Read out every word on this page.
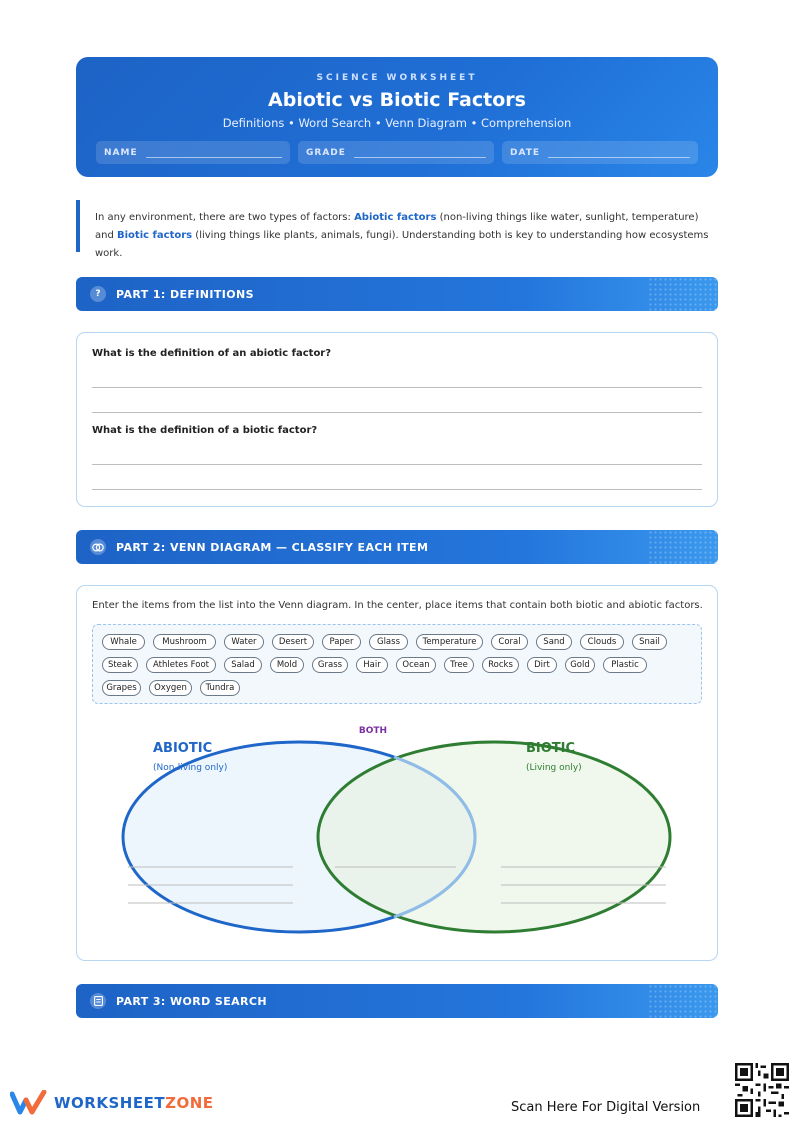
SCIENCE WORKSHEET
Abiotic vs Biotic Factors
Definitions • Word Search • Venn Diagram • Comprehension
NAME	GRADE	DATE
In any environment, there are two types of factors: Abiotic factors (non-living things like water, sunlight, temperature) and Biotic factors (living things like plants, animals, fungi). Understanding both is key to understanding how ecosystems work.
?	PART 1: DEFINITIONS
What is the definition of an abiotic factor?
What is the definition of a biotic factor?
PART 2: VENN DIAGRAM — CLASSIFY EACH ITEM
Enter the items from the list into the Venn diagram. In the center, place items that contain both biotic and abiotic factors.
Whale	Mushroom	Water	Desert	Paper	Glass	Temperature	Coral	Sand	Clouds	Snail
Steak	Athletes Foot	Salad	Mold	Grass	Hair	Ocean	Tree	Rocks	Dirt	Gold	Plastic
Grapes	Oxygen	Tundra
ABIOTIC
(Non-living only)
BIOTIC
(Living only)
BOTH
PART 3: WORD SEARCH
WORKSHEETZONE	Scan Here For Digital Version
